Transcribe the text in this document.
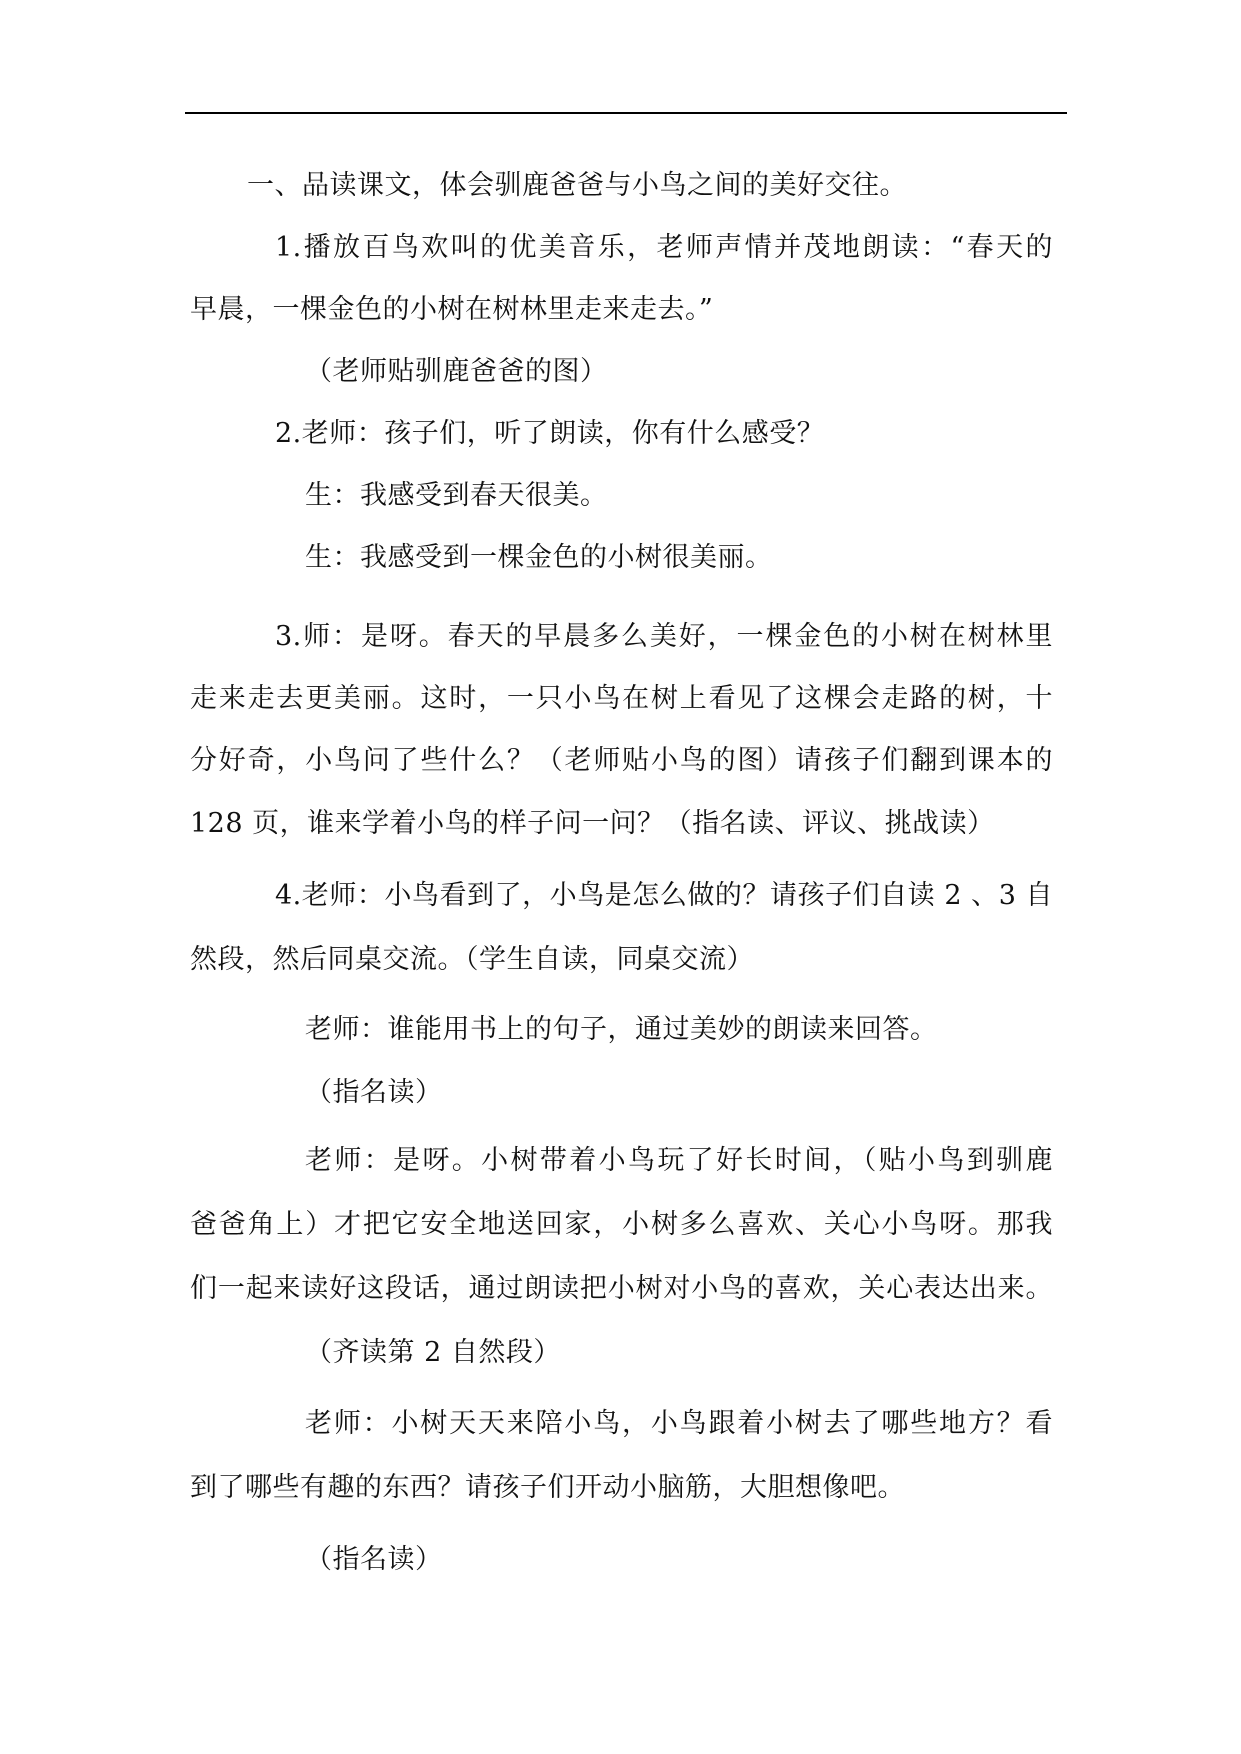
一、品读课文，体会驯鹿爸爸与小鸟之间的美好交往。
1.播放百鸟欢叫的优美音乐，老师声情并茂地朗读：“春天的
早晨，一棵金色的小树在树林里走来走去。”
（老师贴驯鹿爸爸的图）
2.老师：孩子们，听了朗读，你有什么感受？
生：我感受到春天很美。
生：我感受到一棵金色的小树很美丽。
3.师：是呀。春天的早晨多么美好，一棵金色的小树在树林里
走来走去更美丽。这时，一只小鸟在树上看见了这棵会走路的树，十
分好奇，小鸟问了些什么？（老师贴小鸟的图）请孩子们翻到课本的
128 页，谁来学着小鸟的样子问一问？（指名读、评议、挑战读）
4.老师：小鸟看到了，小鸟是怎么做的？请孩子们自读 2 、3 自
然段，然后同桌交流。（学生自读，同桌交流）
老师：谁能用书上的句子，通过美妙的朗读来回答。
（指名读）
老师：是呀。小树带着小鸟玩了好长时间，（贴小鸟到驯鹿
爸爸角上）才把它安全地送回家，小树多么喜欢、关心小鸟呀。那我
们一起来读好这段话，通过朗读把小树对小鸟的喜欢，关心表达出来。
（齐读第 2 自然段）
老师：小树天天来陪小鸟，小鸟跟着小树去了哪些地方？看
到了哪些有趣的东西？请孩子们开动小脑筋，大胆想像吧。
（指名读）
